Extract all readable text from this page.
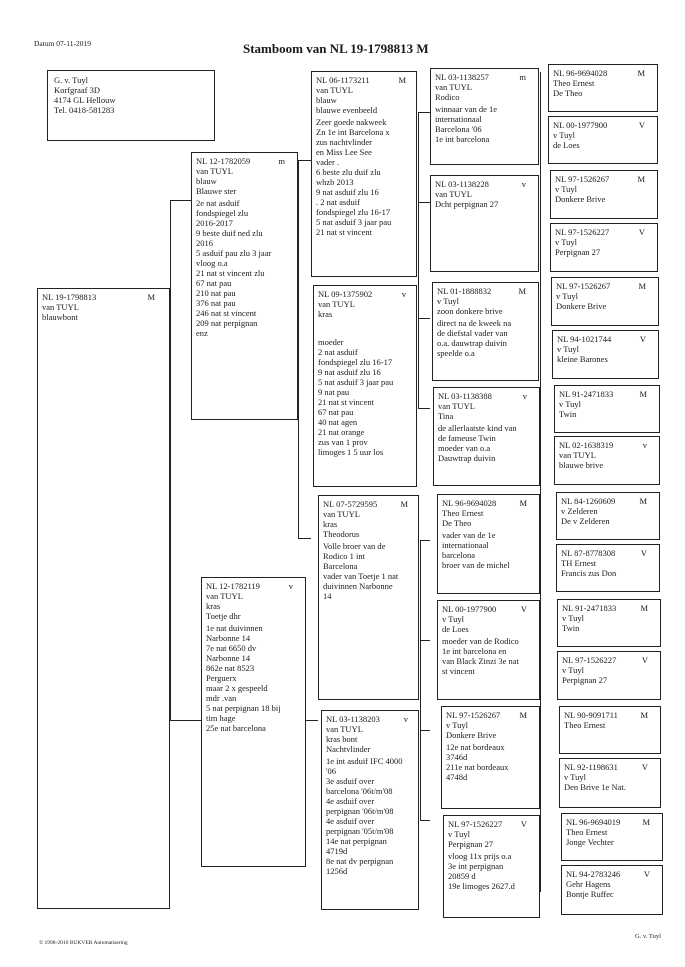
Datum 07-11-2019	Stamboom van NL 19-1798813 M
G. v. Tuyl
Korfgraaf 3D
4174 GL Hellouw
Tel. 0418-581283
NL 19-1798813	M
van TUYL
blauwbont
NL 12-1782059	m
van TUYL
blauw
Blauwe ster
2e nat asduif
fondspiegel zlu
2016-2017
9 beste duif ned zlu
2016
5 asduif pau zlu 3 jaar
vloog o.a
21 nat st vincent zlu
67 nat pau
210 nat pau
376 nat pau
246 nat st vincent
209 nat perpignan
enz
NL 12-1782119	v
van TUYL
kras
Toetje dhr
1e nat duivinnen
Narbonne 14
7e nat 6650 dv
Narbonne 14
862e nat 8523
Perguerx
maar 2 x gespeeld
mdr .van
5 nat perpignan 18 bij
tim hage
25e nat barcelona
NL 06-1173211	M
van TUYL
blauw
blauwe evenbeeld
Zeer goede nakweek
Zn 1e int Barcelona x
zus nachtvlinder
en Miss Lee See
vader .
6 beste zlu duif zlu
whzb 2013
9 nat asduif zlu 16
. 2 nat asduif
fondspiegel zlu 16-17
5 nat asduif 3 jaar pau
21 nat st vincent
NL 09-1375902	v
van TUYL
kras
moeder
2 nat asduif
fondspiegel zlu 16-17
9 nat asduif zlu 16
5 nat asduif 3 jaar pau
9 nat pau
21 nat st vincent
67 nat pau
40 nat agen
21 nat orange
zus van 1 prov
limoges 1 5 uur los
NL 07-5729595	M
van TUYL
kras
Theodorus
Volle broer van de
Rodico 1 int
Barcelona
vader van Toetje 1 nat
duivinnen Narbonne
14
NL 03-1138203	v
van TUYL
kras bont
Nachtvlinder
1e int asduif IFC 4000
'06
3e asduif over
barcelona '06t/m'08
4e asduif over
perpignan '06t/m'08
4e asduif over
perpignan '05t/m'08
14e nat perpignan
4719d
8e nat dv perpignan
1256d
NL 03-1138257	m
van TUYL
Rodico
winnaar van de 1e
internationaal
Barcelona '06
1e int barcelona
NL 03-1138228	v
van TUYL
Dcht perpignan 27
NL 01-1888832	M
v Tuyl
zoon donkere brive
direct na de kweek na
de diefstal vader van
o.a. dauwtrap duivin
speelde o.a
NL 03-1138388	v
van TUYL
Tina
de allerlaatste kind van
de fameuse Twin
moeder van o.a
Dauwtrap duivin
NL 96-9694028	M
Theo Ernest
De Theo
vader van de 1e
internationaal
barcelona
broer van de michel
NL 00-1977900	V
v Tuyl
de Loes
moeder van de Rodico
1e int barcelona en
van Black Zinzi 3e nat
st vincent
NL 97-1526267 M
v Tuyl
Donkere Brive
12e nat bordeaux
3746d
211e nat bordeaux
4748d
NL 97-1526227 V
v Tuyl
Perpignan 27
vloog 11x prijs o.a
3e int perpignan
20859 d
19e limoges 2627.d
NL 96-9694028	M
Theo Ernest
De Theo
NL 00-1977900	V
v Tuyl
de Loes
NL 97-1526267	M
v Tuyl
Donkere Brive
NL 97-1526227	V
v Tuyl
Perpignan 27
NL 97-1526267	M
v Tuyl
Donkere Brive
NL 94-1021744	V
v Tuyl
kleine Barones
NL 91-2471833	M
v Tuyl
Twin
NL 02-1638319	v
van TUYL
blauwe brive
NL 84-1260609	M
v Zelderen
De v Zelderen
NL 87-8778308	V
TH Ernest
Francis zus Don
NL 91-2471833	M
v Tuyl
Twin
NL 97-1526227	V
v Tuyl
Perpignan 27
NL 90-9091711	M
Theo Ernest
NL 92-1198631	V
v Tuyl
Den Brive 1e Nat.
NL 96-9694019	M
Theo Ernest
Jonge Vechter
NL 94-2783246	V
Gehr Hagens
Bontje Ruffec
© 1998-2010 BUKVER Automatisering
G. v. Tuyl
